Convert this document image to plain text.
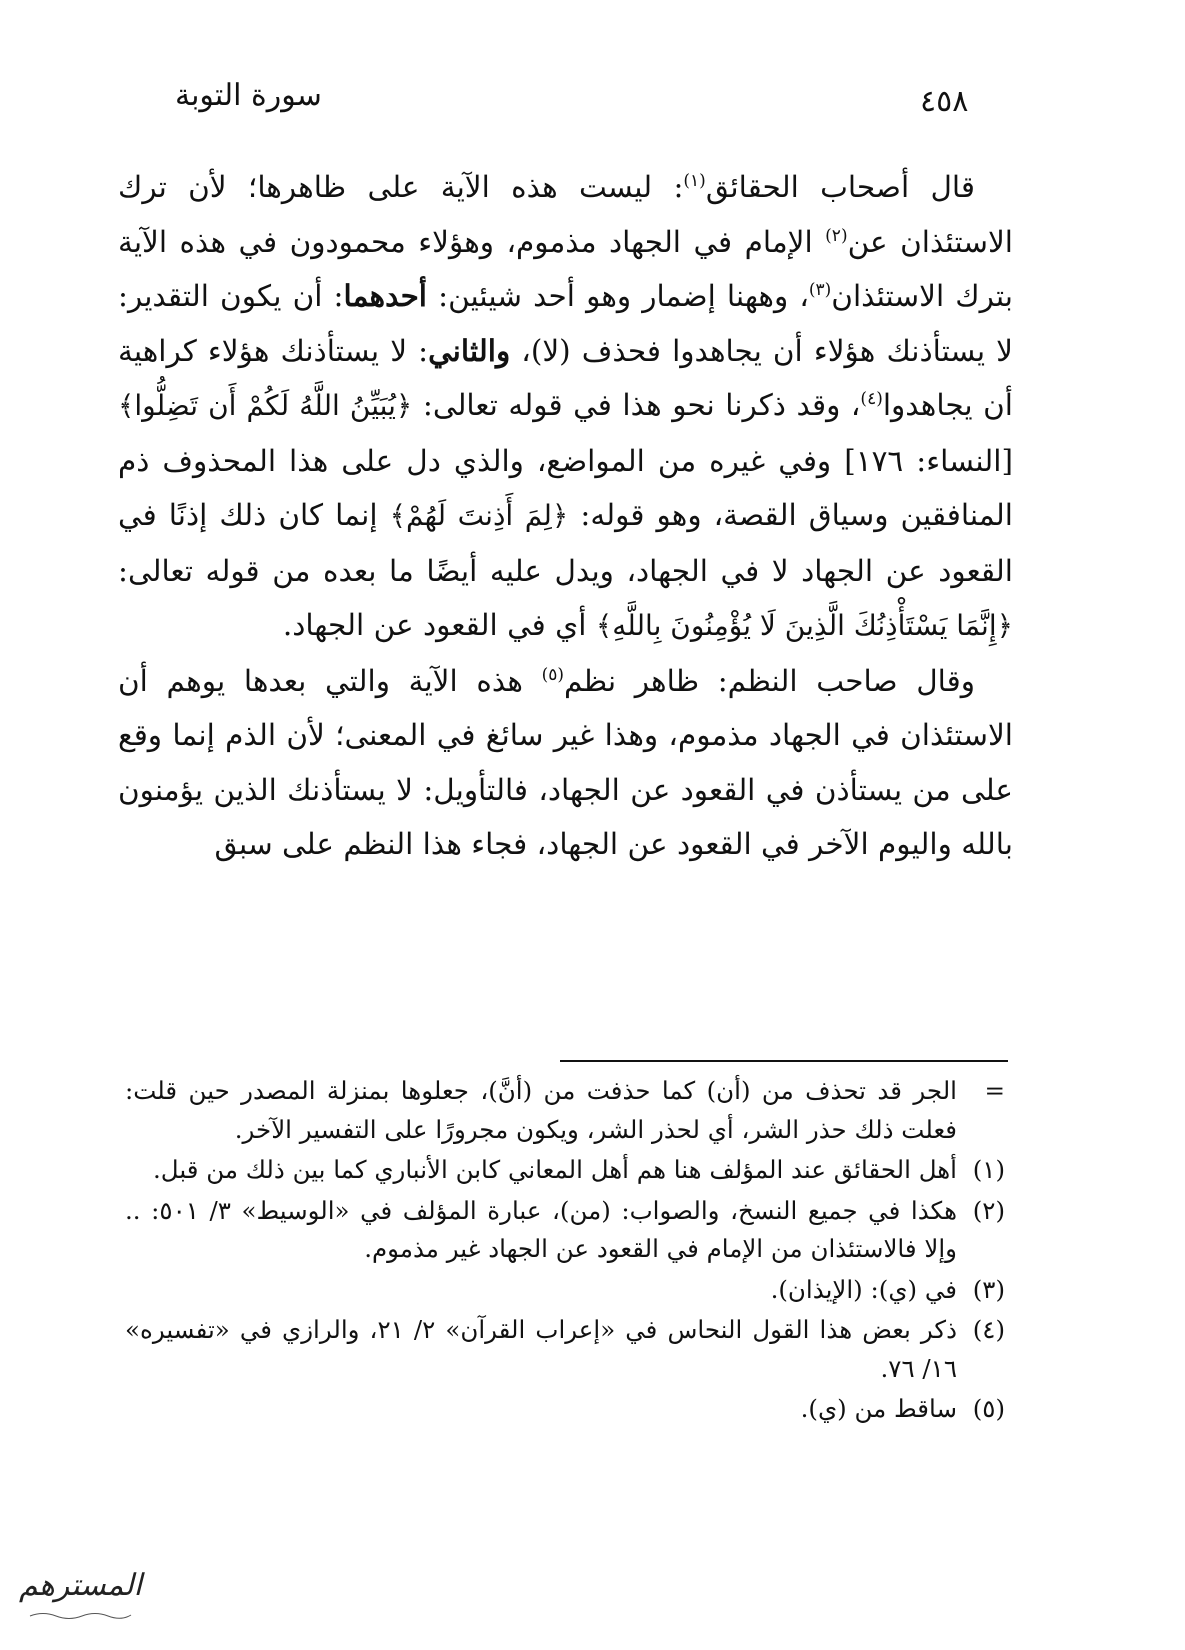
سورة التوبة	٤٥٨

قال أصحاب الحقائق$^{(١)}$: ليست هذه الآية على ظاهرها؛ لأن ترك الاستئذان عن$^{(٢)}$ الإمام في الجهاد مذموم، وهؤلاء محمودون في هذه الآية بترك الاستئذان$^{(٣)}$، وههنا إضمار وهو أحد شيئين: أحدهما: أن يكون التقدير: لا يستأذنك هؤلاء أن يجاهدوا فحذف (لا)، والثاني: لا يستأذنك هؤلاء كراهية أن يجاهدوا$^{(٤)}$، وقد ذكرنا نحو هذا في قوله تعالى: ﴿يُبَيِّنُ اللَّهُ لَكُمْ أَن تَضِلُّوا﴾ [النساء: ١٧٦] وفي غيره من المواضع، والذي دل على هذا المحذوف ذم المنافقين وسياق القصة، وهو قوله: ﴿لِمَ أَذِنتَ لَهُمْ﴾ إنما كان ذلك إذنًا في القعود عن الجهاد لا في الجهاد، ويدل عليه أيضًا ما بعده من قوله تعالى: ﴿إِنَّمَا يَسْتَأْذِنُكَ الَّذِينَ لَا يُؤْمِنُونَ بِاللَّهِ﴾ أي في القعود عن الجهاد.

وقال صاحب النظم: ظاهر نظم$^{(٥)}$ هذه الآية والتي بعدها يوهم أن الاستئذان في الجهاد مذموم، وهذا غير سائغ في المعنى؛ لأن الذم إنما وقع على من يستأذن في القعود عن الجهاد، فالتأويل: لا يستأذنك الذين يؤمنون بالله واليوم الآخر في القعود عن الجهاد، فجاء هذا النظم على سبق

=
الجر قد تحذف من (أن) كما حذفت من (أنَّ)، جعلوها بمنزلة المصدر حين قلت: فعلت ذلك حذر الشر، أي لحذر الشر، ويكون مجرورًا على التفسير الآخر.
(١)
أهل الحقائق عند المؤلف هنا هم أهل المعاني كابن الأنباري كما بين ذلك من قبل.
(٢)
هكذا في جميع النسخ، والصواب: (من)، عبارة المؤلف في «الوسيط» ٣/ ٥٠١: .. وإلا فالاستئذان من الإمام في القعود عن الجهاد غير مذموم.
(٣)
في (ي): (الإيذان).
(٤)
ذكر بعض هذا القول النحاس في «إعراب القرآن» ٢/ ٢١، والرازي في «تفسيره» ١٦/ ٧٦.
(٥)
ساقط من (ي).
المسترهم
